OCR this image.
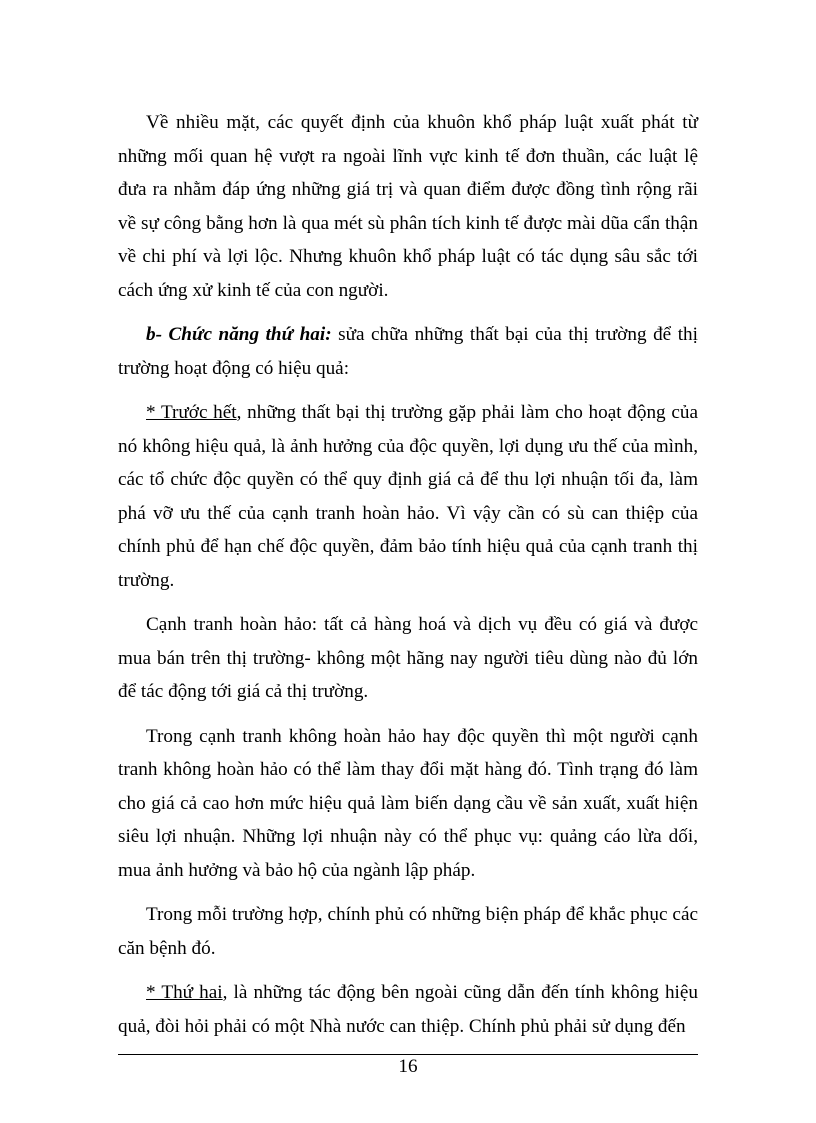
Về nhiều mặt, các quyết định của khuôn khổ pháp luật xuất phát từ những mối quan hệ vượt ra ngoài lĩnh vực kinh tế đơn thuần, các luật lệ đưa ra nhằm đáp ứng những giá trị và quan điểm được đồng tình rộng rãi về sự công bằng hơn là qua mét sù phân tích kinh tế được mài dũa cẩn thận về chi phí và lợi lộc. Nhưng khuôn khổ pháp luật có tác dụng sâu sắc tới cách ứng xử kinh tế của con người.

b- Chức năng thứ hai: sửa chữa những thất bại của thị trường để thị trường hoạt động có hiệu quả:

* Trước hết, những thất bại thị trường gặp phải làm cho hoạt động của nó không hiệu quả, là ảnh hưởng của độc quyền, lợi dụng ưu thế của mình, các tổ chức độc quyền có thể quy định giá cả để thu lợi nhuận tối đa, làm phá vỡ ưu thế của cạnh tranh hoàn hảo. Vì vậy cần có sù can thiệp của chính phủ để hạn chế độc quyền, đảm bảo tính hiệu quả của cạnh tranh thị trường.

Cạnh tranh hoàn hảo: tất cả hàng hoá và dịch vụ đều có giá và được mua bán trên thị trường- không một hãng nay người tiêu dùng nào đủ lớn để tác động tới giá cả thị trường.

Trong cạnh tranh không hoàn hảo hay độc quyền thì một người cạnh tranh không hoàn hảo có thể làm thay đổi mặt hàng đó. Tình trạng đó làm cho giá cả cao hơn mức hiệu quả làm biến dạng cầu về sản xuất, xuất hiện siêu lợi nhuận. Những lợi nhuận này có thể phục vụ: quảng cáo lừa dối, mua ảnh hưởng và bảo hộ của ngành lập pháp.

Trong mỗi trường hợp, chính phủ có những biện pháp để khắc phục các căn bệnh đó.

* Thứ hai, là những tác động bên ngoài cũng dẫn đến tính không hiệu quả, đòi hỏi phải có một Nhà nước can thiệp. Chính phủ phải sử dụng đến

16
